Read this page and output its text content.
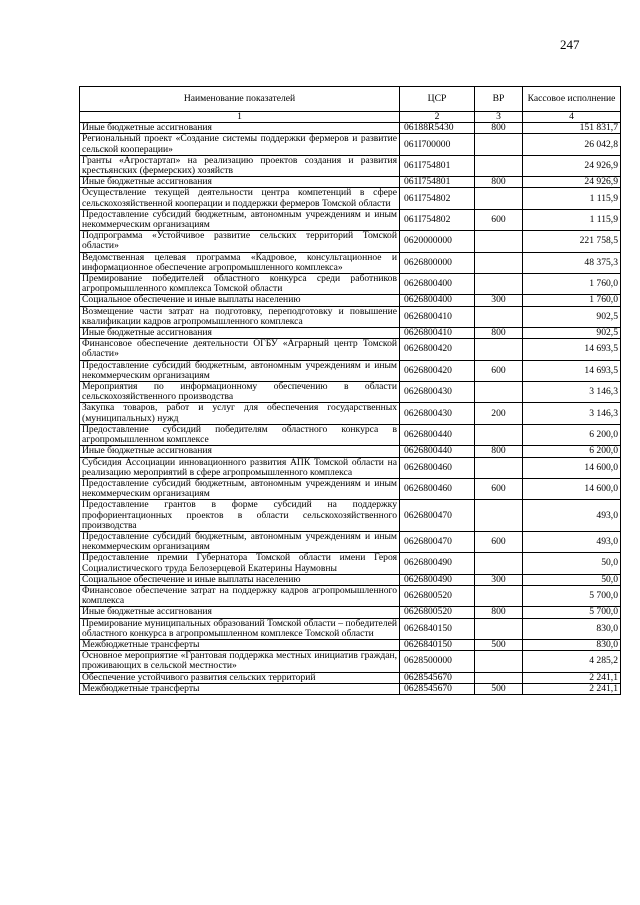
247
Наименование показателей	ЦСР	ВР	Кассовое исполнение
1	2	3	4
Иные бюджетные ассигнования	06188R5430	800	151 831,7
Региональный проект «Создание системы поддержки фермеров и развитие сельской кооперации»	061I700000		26 042,8
Гранты «Агростартап» на реализацию проектов создания и развития крестьянских (фермерских) хозяйств	061I754801		24 926,9
Иные бюджетные ассигнования	061I754801	800	24 926,9
Осуществление текущей деятельности центра компетенций в сфере сельскохозяйственной кооперации и поддержки фермеров Томской области	061I754802		1 115,9
Предоставление субсидий бюджетным, автономным учреждениям и иным некоммерческим организациям	061I754802	600	1 115,9
Подпрограмма «Устойчивое развитие сельских территорий Томской области»	0620000000		221 758,5
Ведомственная целевая программа «Кадровое, консультационное и информационное обеспечение агропромышленного комплекса»	0626800000		48 375,3
Премирование победителей областного конкурса среди работников агропромышленного комплекса Томской области	0626800400		1 760,0
Социальное обеспечение и иные выплаты населению	0626800400	300	1 760,0
Возмещение части затрат на подготовку, переподготовку и повышение квалификации кадров агропромышленного комплекса	0626800410		902,5
Иные бюджетные ассигнования	0626800410	800	902,5
Финансовое обеспечение деятельности ОГБУ «Аграрный центр Томской области»	0626800420		14 693,5
Предоставление субсидий бюджетным, автономным учреждениям и иным некоммерческим организациям	0626800420	600	14 693,5
Мероприятия по информационному обеспечению в области сельскохозяйственного производства	0626800430		3 146,3
Закупка товаров, работ и услуг для обеспечения государственных (муниципальных) нужд	0626800430	200	3 146,3
Предоставление субсидий победителям областного конкурса в агропромышленном комплексе	0626800440		6 200,0
Иные бюджетные ассигнования	0626800440	800	6 200,0
Субсидия Ассоциации инновационного развития АПК Томской области на реализацию мероприятий в сфере агропромышленного комплекса	0626800460		14 600,0
Предоставление субсидий бюджетным, автономным учреждениям и иным некоммерческим организациям	0626800460	600	14 600,0
Предоставление грантов в форме субсидий на поддержку профориентационных проектов в области сельскохозяйственного производства	0626800470		493,0
Предоставление субсидий бюджетным, автономным учреждениям и иным некоммерческим организациям	0626800470	600	493,0
Предоставление премии Губернатора Томской области имени Героя Социалистического труда Белозерцевой Екатерины Наумовны	0626800490		50,0
Социальное обеспечение и иные выплаты населению	0626800490	300	50,0
Финансовое обеспечение затрат на поддержку кадров агропромышленного комплекса	0626800520		5 700,0
Иные бюджетные ассигнования	0626800520	800	5 700,0
Премирование муниципальных образований Томской области – победителей областного конкурса в агропромышленном комплексе Томской области	0626840150		830,0
Межбюджетные трансферты	0626840150	500	830,0
Основное мероприятие «Грантовая поддержка местных инициатив граждан, проживающих в сельской местности»	0628500000		4 285,2
Обеспечение устойчивого развития сельских территорий	0628545670		2 241,1
Межбюджетные трансферты	0628545670	500	2 241,1
